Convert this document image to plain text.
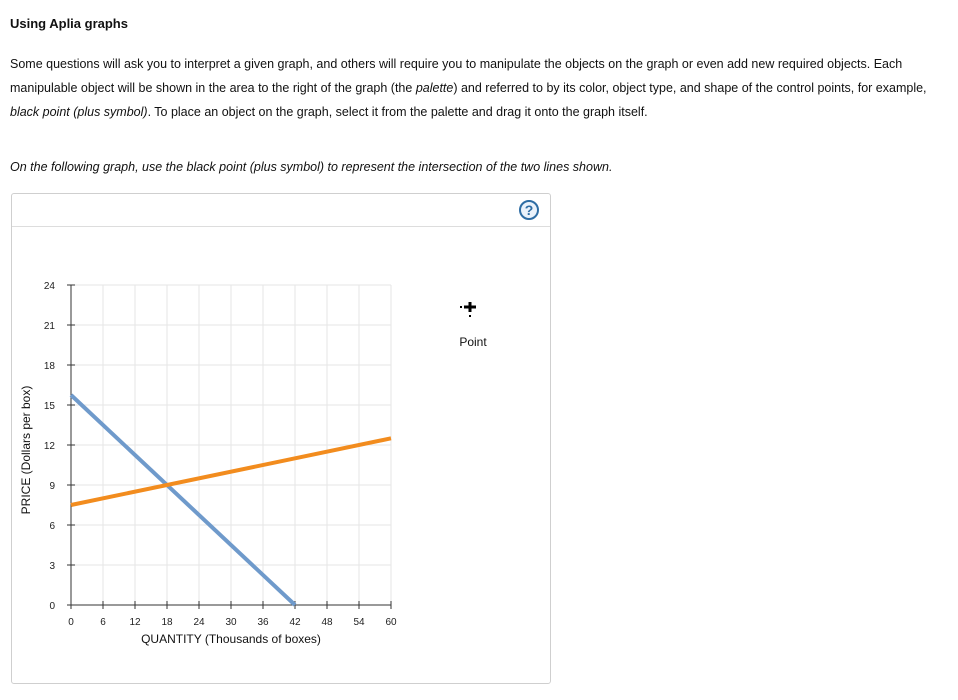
Using Aplia graphs
Some questions will ask you to interpret a given graph, and others will require you to manipulate the objects on the graph or even add new required objects. Each manipulable object will be shown in the area to the right of the graph (the palette) and referred to by its color, object type, and shape of the control points, for example, black point (plus symbol). To place an object on the graph, select it from the palette and drag it onto the graph itself.
On the following graph, use the black point (plus symbol) to represent the intersection of the two lines shown.
?
0	6 12 18 24 30 36 42 48 54 60
0
3
6
9
12
15
18
21
24
QUANTITY (Thousands of boxes)
PRICE (Dollars per box)
Point
